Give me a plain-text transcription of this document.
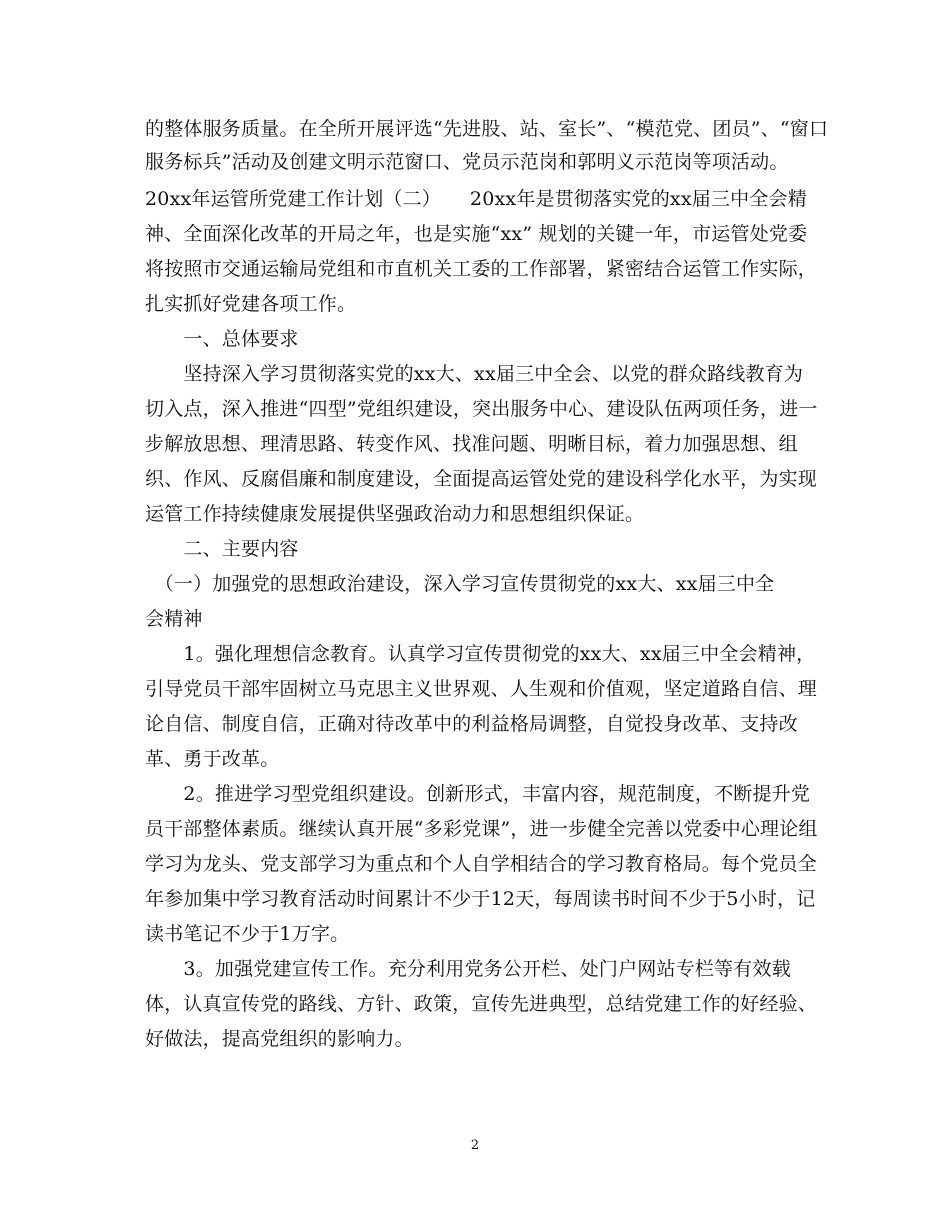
的整体服务质量。在全所开展评选“先进股、站、室长”、“模范党、团员”、“窗口
服务标兵”活动及创建文明示范窗口、党员示范岗和郭明义示范岗等项活动。
20xx年运管所党建工作计划（二）　　20xx年是贯彻落实党的xx届三中全会精
神、全面深化改革的开局之年，也是实施“xx” 规划的关键一年，市运管处党委
将按照市交通运输局党组和市直机关工委的工作部署，紧密结合运管工作实际，
扎实抓好党建各项工作。
　　一、总体要求
　　坚持深入学习贯彻落实党的xx大、xx届三中全会、以党的群众路线教育为
切入点，深入推进“四型”党组织建设，突出服务中心、建设队伍两项任务，进一
步解放思想、理清思路、转变作风、找准问题、明晰目标，着力加强思想、组
织、作风、反腐倡廉和制度建设，全面提高运管处党的建设科学化水平，为实现
运管工作持续健康发展提供坚强政治动力和思想组织保证。
　　二、主要内容
　（一）加强党的思想政治建设，深入学习宣传贯彻党的xx大、xx届三中全
会精神
　　1。强化理想信念教育。认真学习宣传贯彻党的xx大、xx届三中全会精神，
引导党员干部牢固树立马克思主义世界观、人生观和价值观，坚定道路自信、理
论自信、制度自信，正确对待改革中的利益格局调整，自觉投身改革、支持改
革、勇于改革。
　　2。推进学习型党组织建设。创新形式，丰富内容，规范制度，不断提升党
员干部整体素质。继续认真开展“多彩党课”，进一步健全完善以党委中心理论组
学习为龙头、党支部学习为重点和个人自学相结合的学习教育格局。每个党员全
年参加集中学习教育活动时间累计不少于12天，每周读书时间不少于5小时，记
读书笔记不少于1万字。
　　3。加强党建宣传工作。充分利用党务公开栏、处门户网站专栏等有效载
体，认真宣传党的路线、方针、政策，宣传先进典型，总结党建工作的好经验、
好做法，提高党组织的影响力。
2
